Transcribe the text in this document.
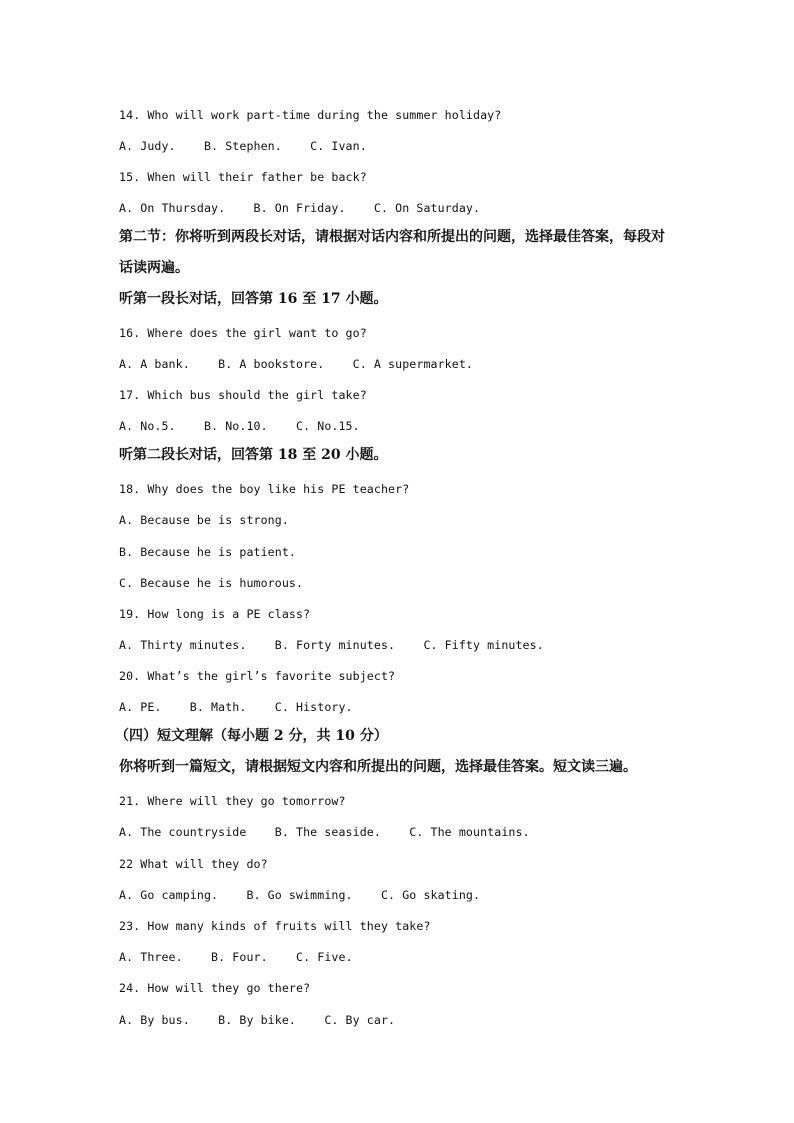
14. Who will work part-time during the summer holiday?
A. Judy.    B. Stephen.    C. Ivan.
15. When will their father be back?
A. On Thursday.    B. On Friday.    C. On Saturday.
第二节：你将听到两段长对话，请根据对话内容和所提出的问题，选择最佳答案，每段对
话读两遍。
听第一段长对话，回答第 16 至 17 小题。
16. Where does the girl want to go?
A. A bank.    B. A bookstore.    C. A supermarket.
17. Which bus should the girl take?
A. No.5.    B. No.10.    C. No.15.
听第二段长对话，回答第 18 至 20 小题。
18. Why does the boy like his PE teacher?
A. Because be is strong.
B. Because he is patient.
C. Because he is humorous.
19. How long is a PE class?
A. Thirty minutes.    B. Forty minutes.    C. Fifty minutes.
20. What’s the girl’s favorite subject?
A. PE.    B. Math.    C. History.
（四）短文理解（每小题 2 分，共 10 分）
你将听到一篇短文，请根据短文内容和所提出的问题，选择最佳答案。短文读三遍。
21. Where will they go tomorrow?
A. The countryside    B. The seaside.    C. The mountains.
22 What will they do?
A. Go camping.    B. Go swimming.    C. Go skating.
23. How many kinds of fruits will they take?
A. Three.    B. Four.    C. Five.
24. How will they go there?
A. By bus.    B. By bike.    C. By car.
